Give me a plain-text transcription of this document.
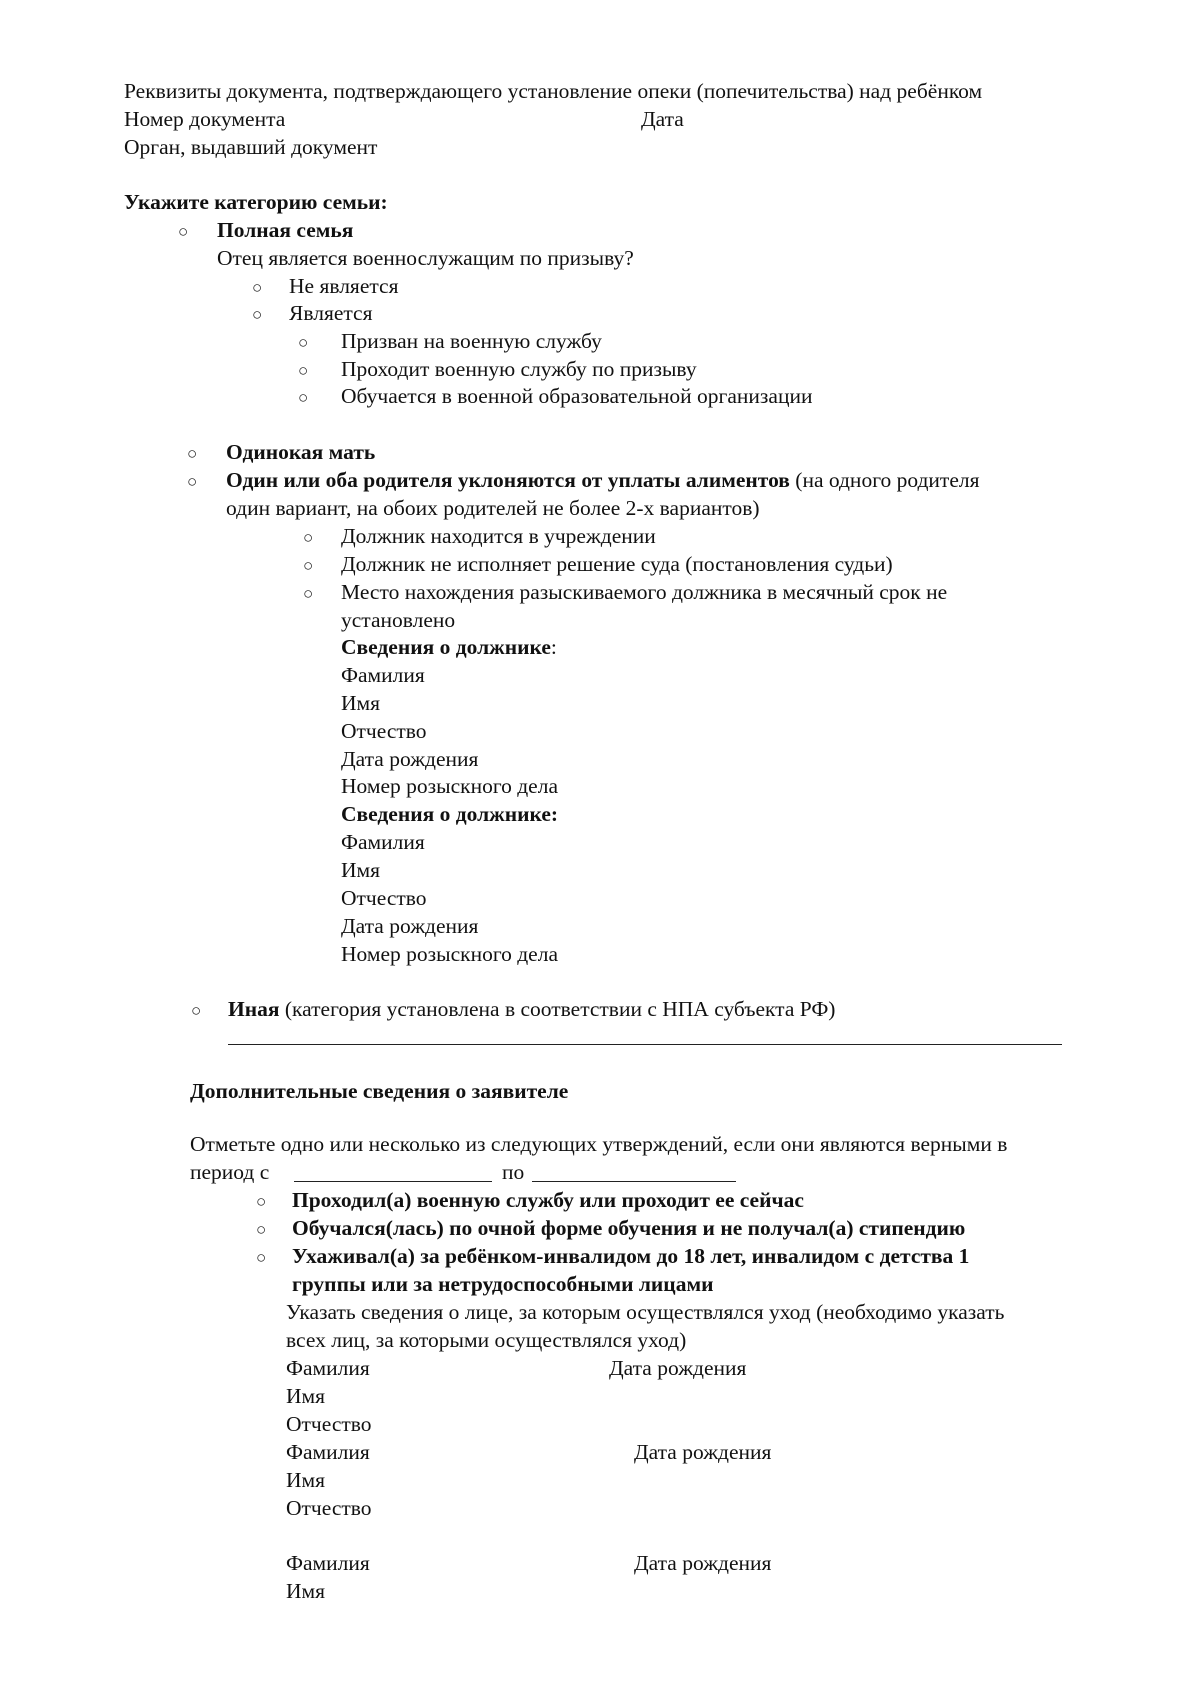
Реквизиты документа, подтверждающего установление опеки (попечительства) над ребёнком
Номер документа	Дата
Орган, выдавший документ
Укажите категорию семьи:
○ Полная семья
Отец является военнослужащим по призыву?
○ Не является
○ Является
○ Призван на военную службу
○ Проходит военную службу по призыву
○ Обучается в военной образовательной организации
○ Одинокая мать
○ Один или оба родителя уклоняются от уплаты алиментов (на одного родителя
один вариант, на обоих родителей не более 2-х вариантов)
○ Должник находится в учреждении
○ Должник не исполняет решение суда (постановления судьи)
○ Место нахождения разыскиваемого должника в месячный срок не
установлено
Сведения о должнике:
Фамилия
Имя
Отчество
Дата рождения
Номер розыскного дела
Сведения о должнике:
Фамилия
Имя
Отчество
Дата рождения
Номер розыскного дела
○ Иная (категория установлена в соответствии с НПА субъекта РФ)
Дополнительные сведения о заявителе
Отметьте одно или несколько из следующих утверждений, если они являются верными в
период с	по
○ Проходил(а) военную службу или проходит ее сейчас
○ Обучался(лась) по очной форме обучения и не получал(а) стипендию
○ Ухаживал(а) за ребёнком-инвалидом до 18 лет, инвалидом с детства 1
группы или за нетрудоспособными лицами
Указать сведения о лице, за которым осуществлялся уход (необходимо указать
всех лиц, за которыми осуществлялся уход)
Фамилия	Дата рождения
Имя
Отчество
Фамилия	Дата рождения
Имя
Отчество
Фамилия	Дата рождения
Имя
